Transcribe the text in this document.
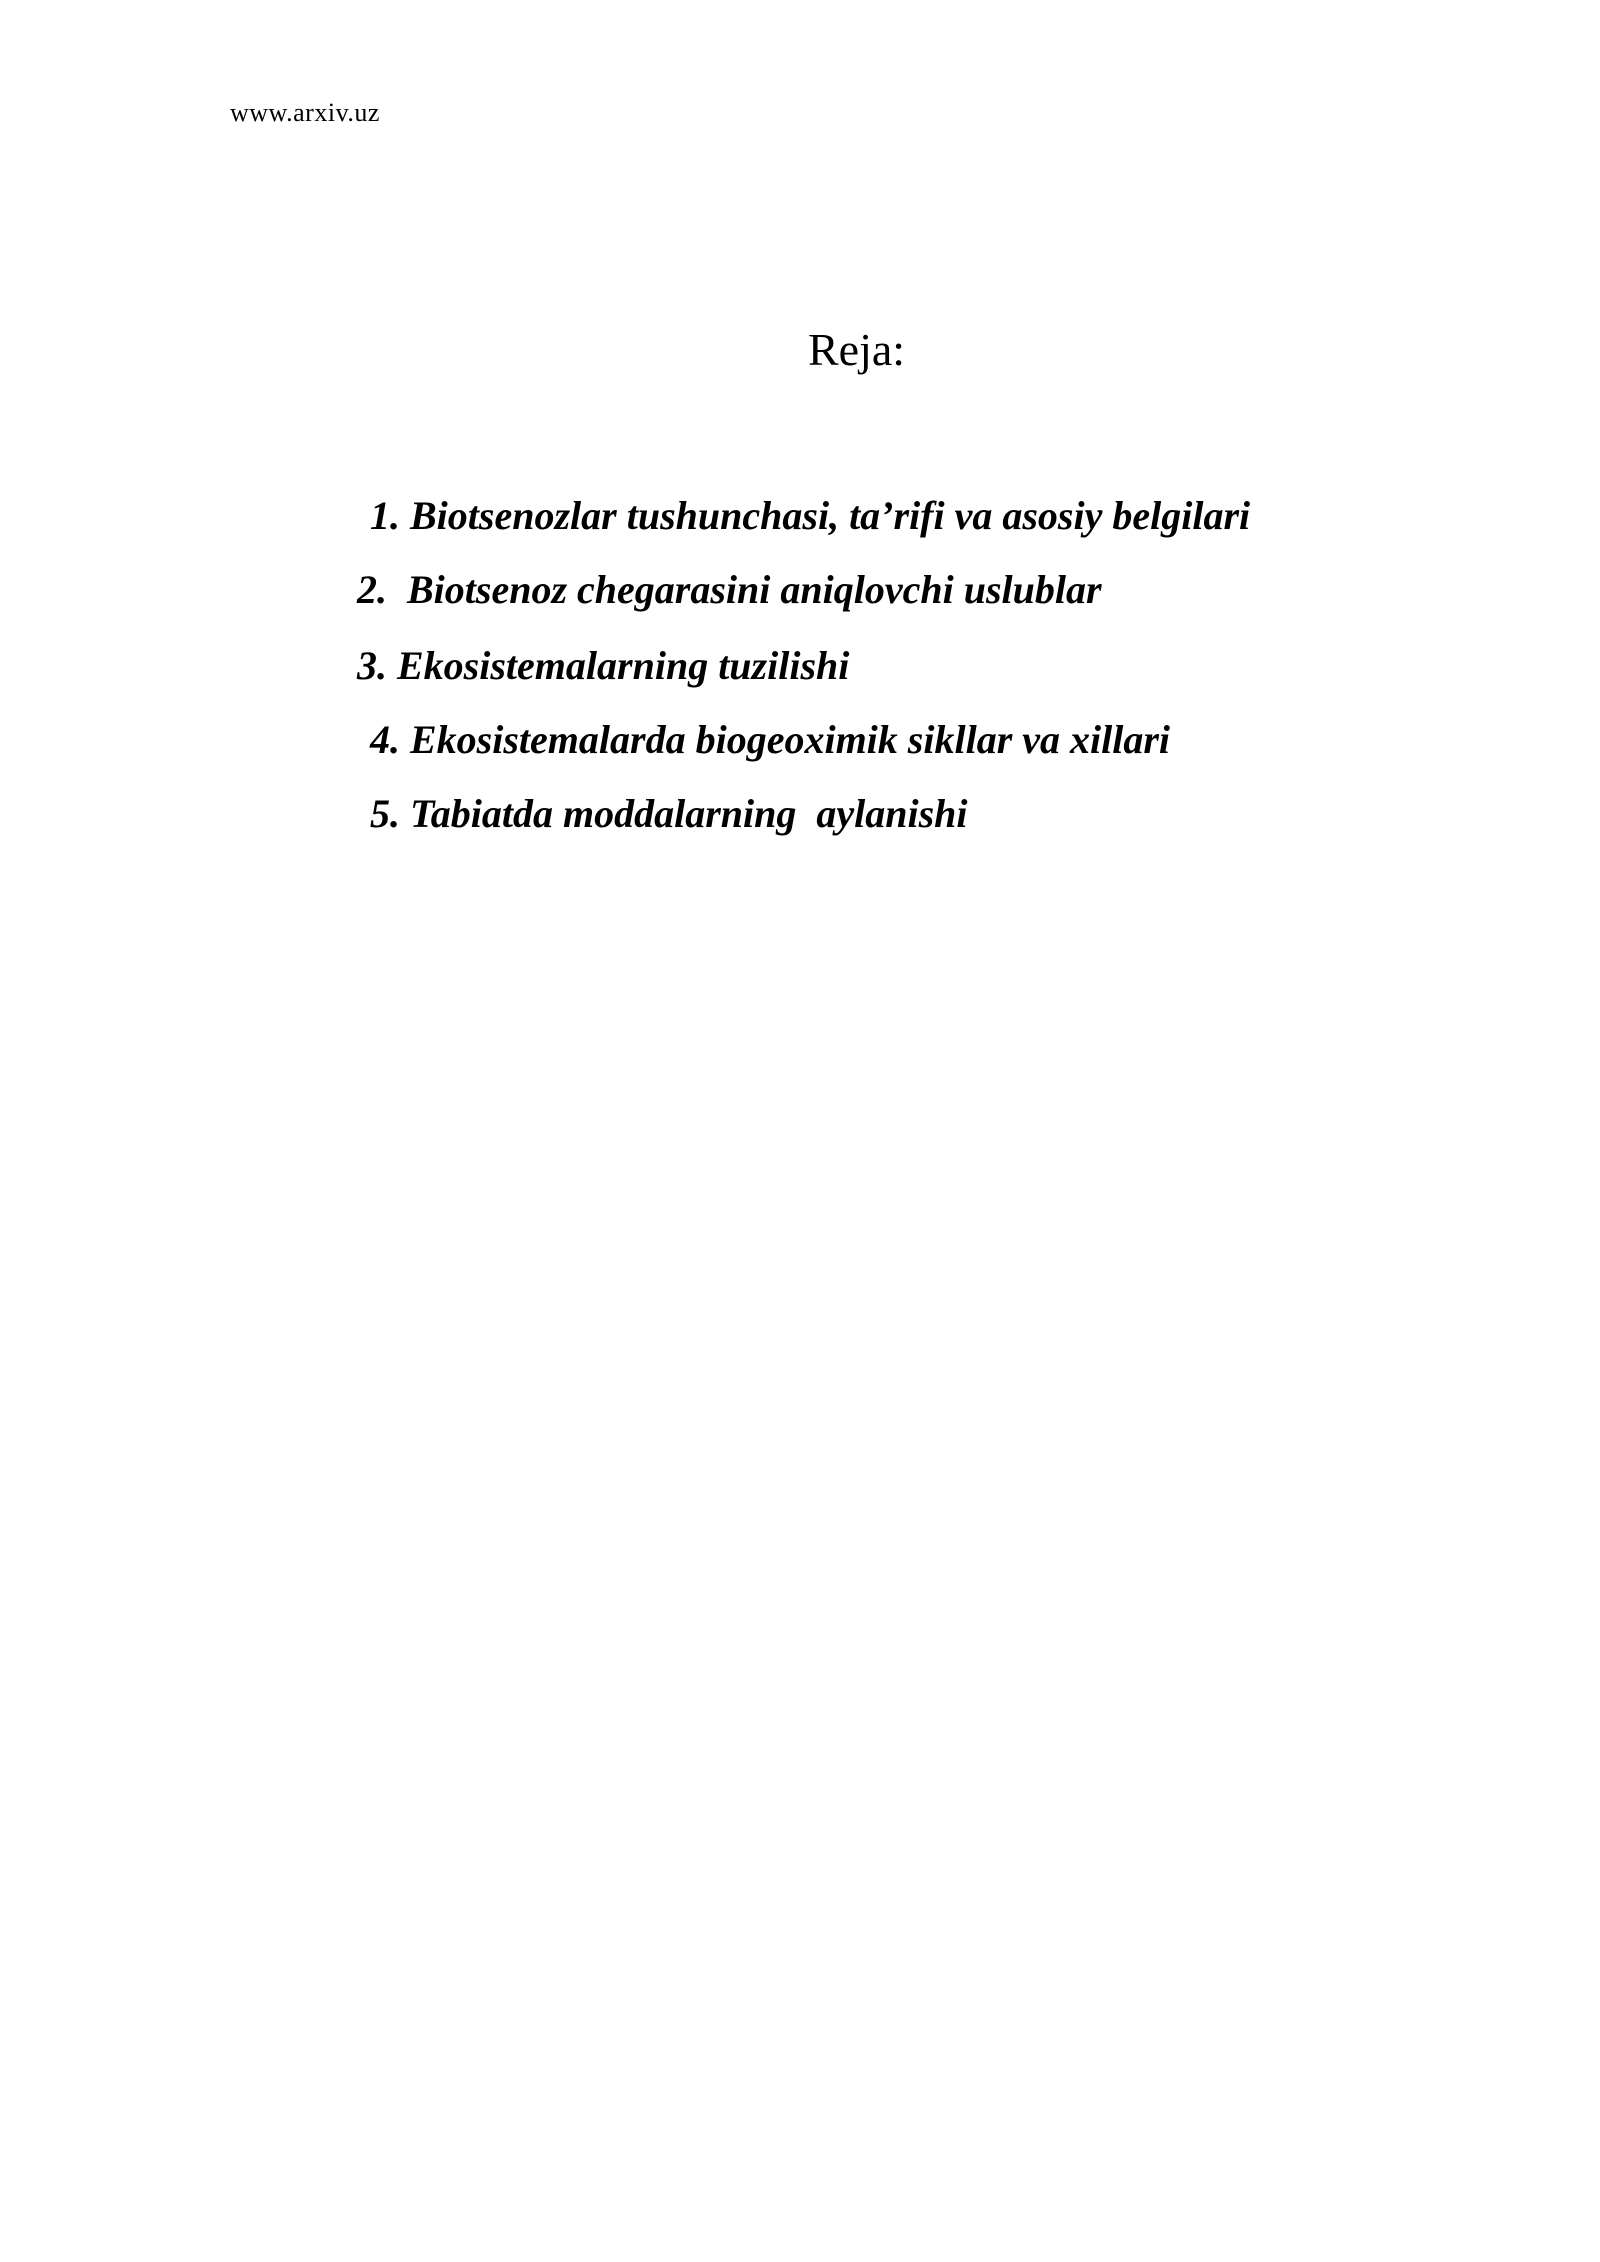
www.arxiv.uz
Reja:
1. Biotsenozlar tushunchasi, ta’rifi va asosiy belgilari
2.  Biotsenoz chegarasini aniqlovchi uslublar
3. Ekosistemalarning tuzilishi
4. Ekosistemalarda biogeoximik sikllar va xillari
5. Tabiatda moddalarning  aylanishi
